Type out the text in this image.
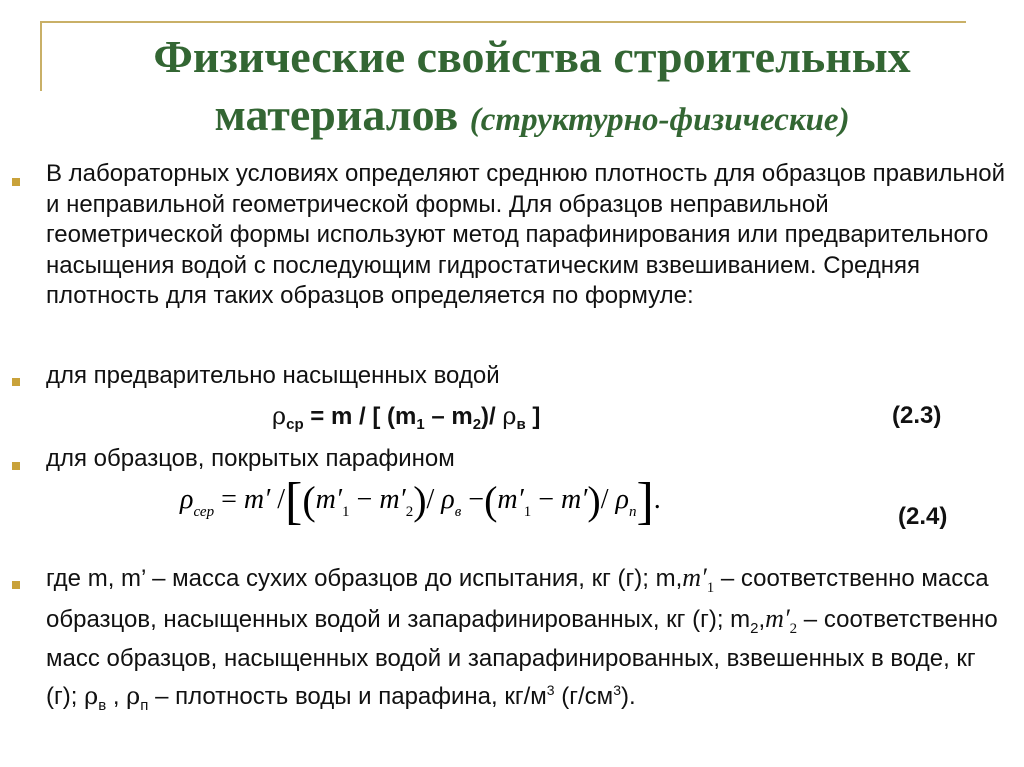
Физические свойства строительных
материалов (структурно-физические)
В лабораторных условиях определяют среднюю плотность для образцов правильной и неправильной геометрической формы. Для образцов неправильной геометрической формы используют метод парафинирования или предварительного насыщения водой с последующим гидростатическим взвешиванием. Средняя плотность для таких образцов определяется по формуле:
для предварительно насыщенных водой
$\rho_{ср} = m$ / [ $(m_1 - m_2)/$ $\rho_в$ ]	(2.3)
для образцов, покрытых парафином
$\rho_{сер} = m'$ $/[(m'_1 - m'_2)/$ $\rho_в -(m'_1 - m')/$ $\rho_п$].
(2.4)
где m, m’ – масса сухих образцов до испытания, кг (г); $m,m'_1$ – соответственно масса образцов, насыщенных водой и запарафинированных, кг (г); $m_2,m'_2$ – соответственно масс образцов, насыщенных водой и запарафинированных, взвешенных в воде, кг (г); $\rho_в$ , $\rho_п$ – плотность воды и парафина, $кг/м^3$ $(г/см^3)$.
